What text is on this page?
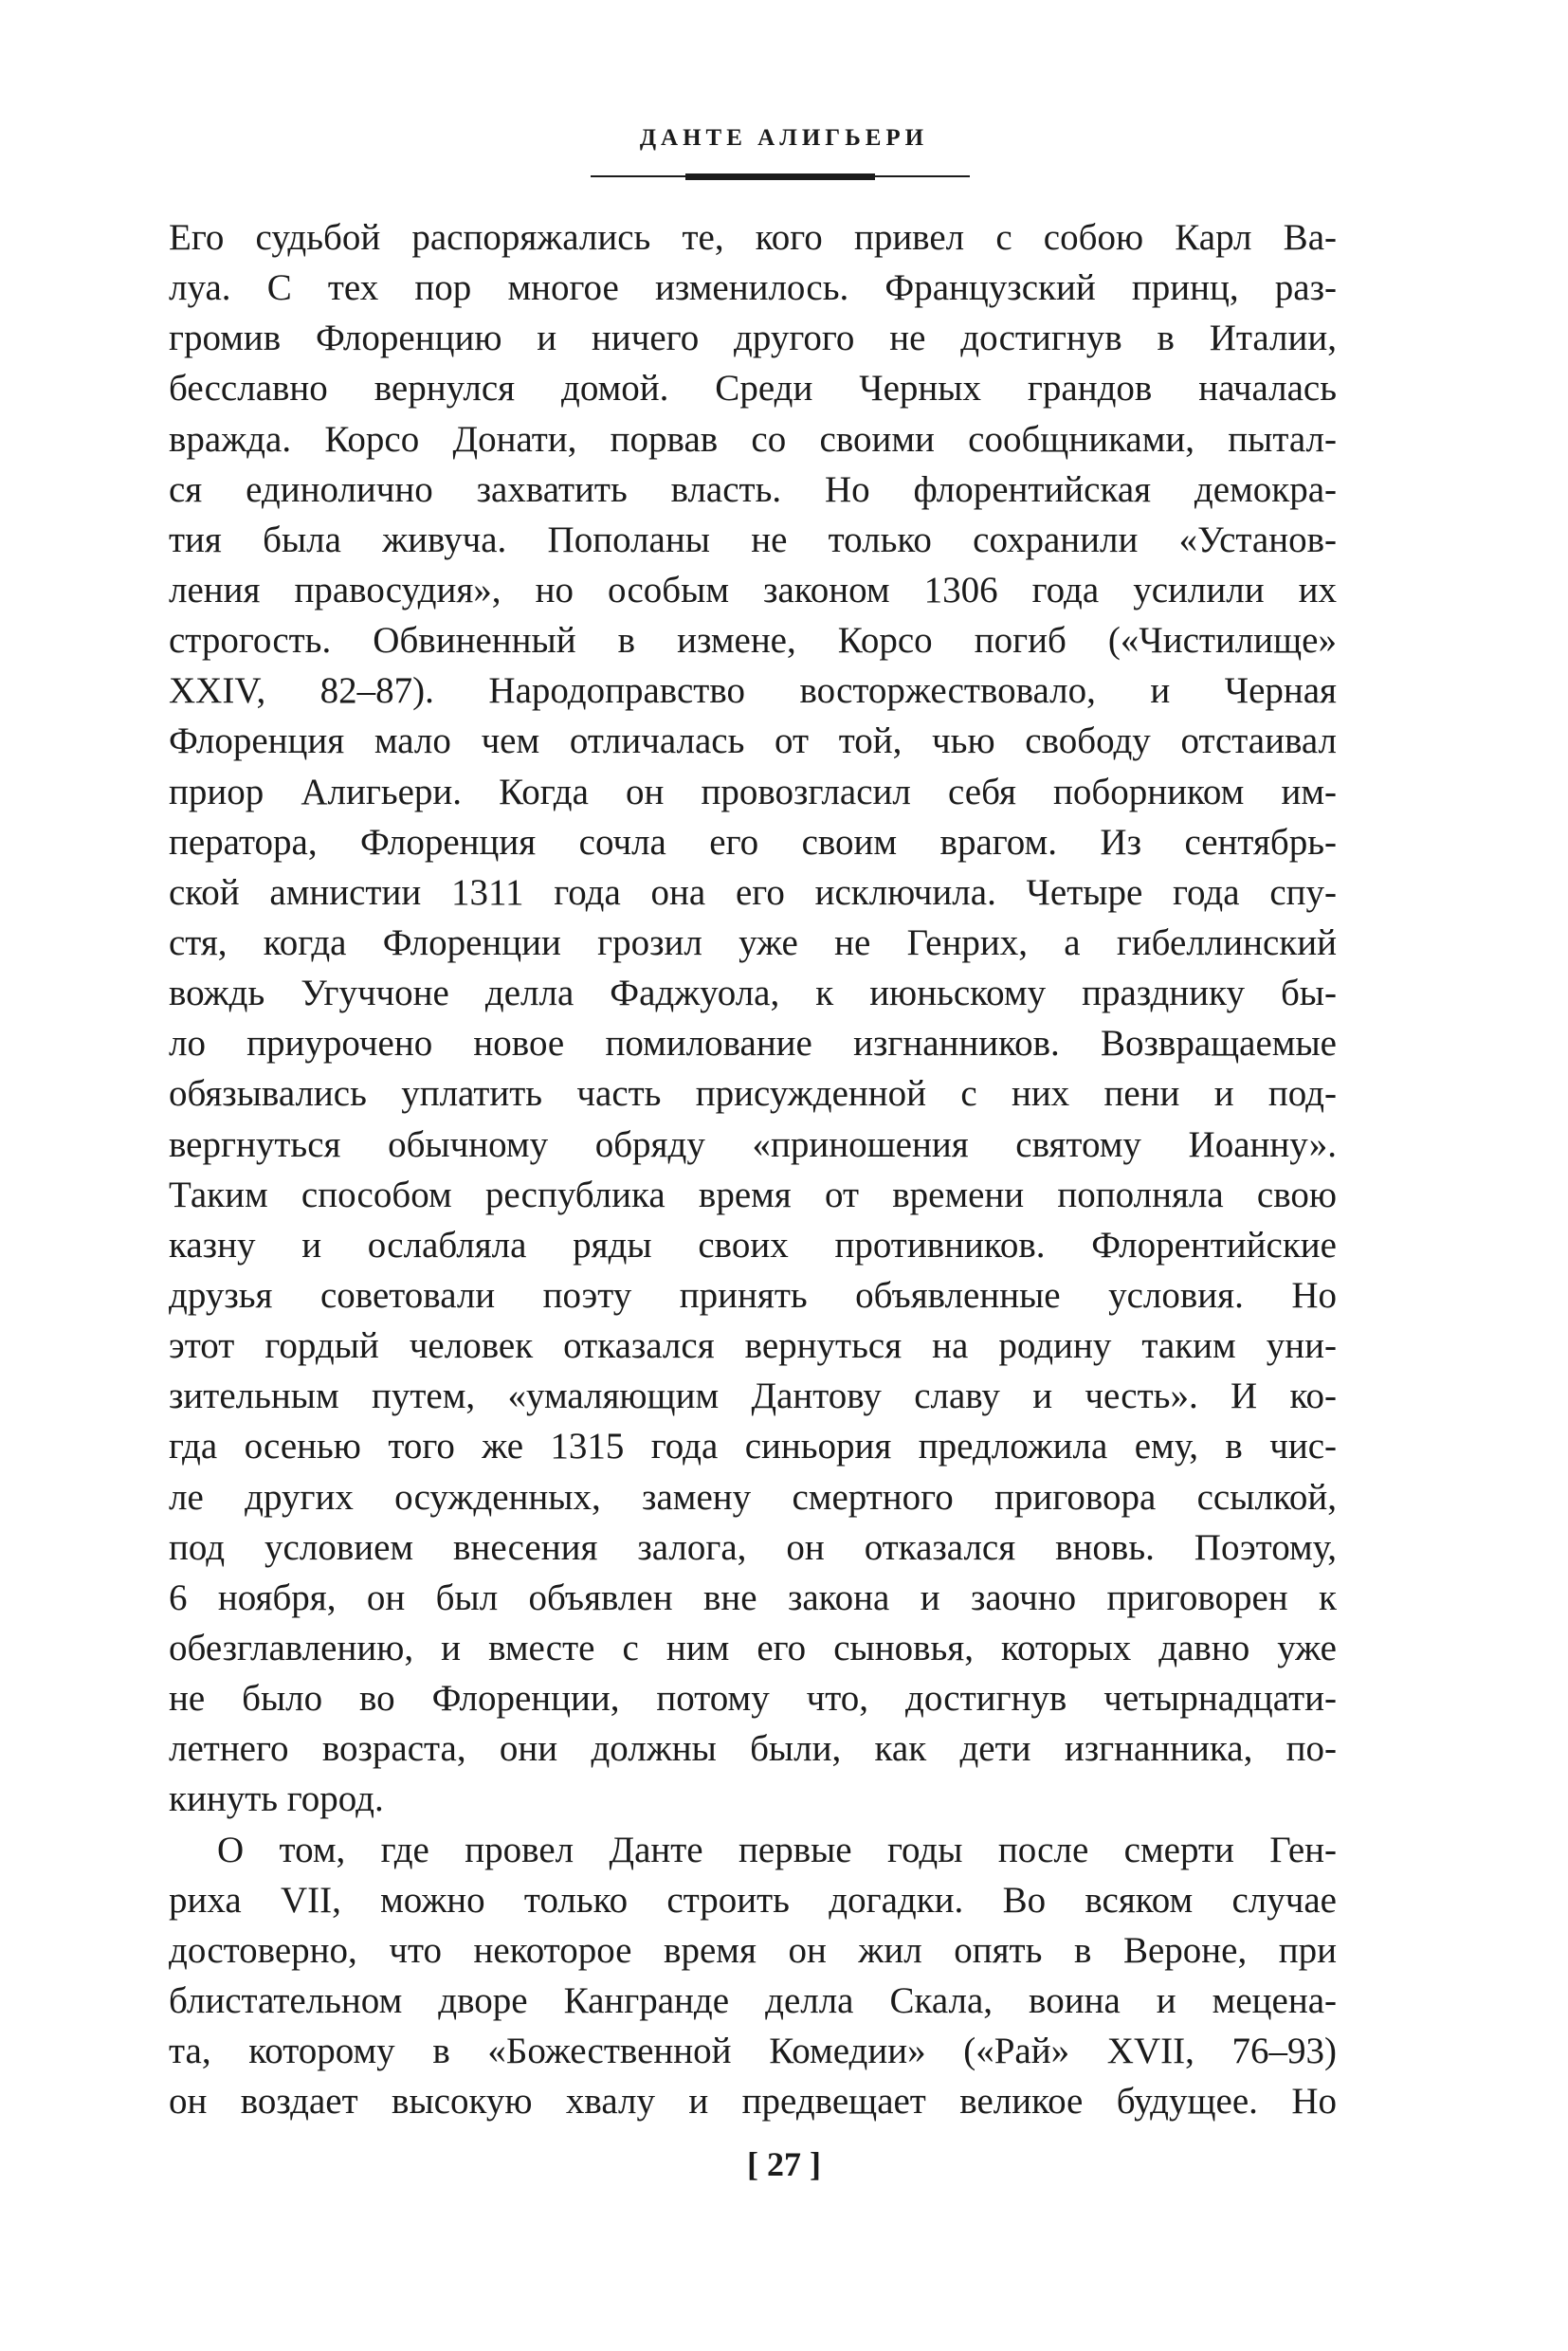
ДАНТЕ АЛИГЬЕРИ
Его судьбой распоряжались те, кого привел с собою Карл Ва-
луа. С тех пор многое изменилось. Французский принц, раз-
громив Флоренцию и ничего другого не достигнув в Италии,
бесславно вернулся домой. Среди Черных грандов началась
вражда. Корсо Донати, порвав со своими сообщниками, пытал-
ся единолично захватить власть. Но флорентийская демокра-
тия была живуча. Пополаны не только сохранили «Установ-
ления правосудия», но особым законом 1306 года усилили их
строгость. Обвиненный в измене, Корсо погиб («Чистилище»
XXIV, 82–87). Народоправство восторжествовало, и Черная
Флоренция мало чем отличалась от той, чью свободу отстаивал
приор Алигьери. Когда он провозгласил себя поборником им-
ператора, Флоренция сочла его своим врагом. Из сентябрь-
ской амнистии 1311 года она его исключила. Четыре года спу-
стя, когда Флоренции грозил уже не Генрих, а гибеллинский
вождь Угуччоне делла Фаджуола, к июньскому празднику бы-
ло приурочено новое помилование изгнанников. Возвращаемые
обязывались уплатить часть присужденной с них пени и под-
вергнуться обычному обряду «приношения святому Иоанну».
Таким способом республика время от времени пополняла свою
казну и ослабляла ряды своих противников. Флорентийские
друзья советовали поэту принять объявленные условия. Но
этот гордый человек отказался вернуться на родину таким уни-
зительным путем, «умаляющим Дантову славу и честь». И ко-
гда осенью того же 1315 года синьория предложила ему, в чис-
ле других осужденных, замену смертного приговора ссылкой,
под условием внесения залога, он отказался вновь. Поэтому,
6 ноября, он был объявлен вне закона и заочно приговорен к
обезглавлению, и вместе с ним его сыновья, которых давно уже
не было во Флоренции, потому что, достигнув четырнадцати-
летнего возраста, они должны были, как дети изгнанника, по-
кинуть город.
О том, где провел Данте первые годы после смерти Ген-
риха VII, можно только строить догадки. Во всяком случае
достоверно, что некоторое время он жил опять в Вероне, при
блистательном дворе Кангранде делла Скала, воина и мецена-
та, которому в «Божественной Комедии» («Рай» XVII, 76–93)
он воздает высокую хвалу и предвещает великое будущее. Но
[ 27 ]
